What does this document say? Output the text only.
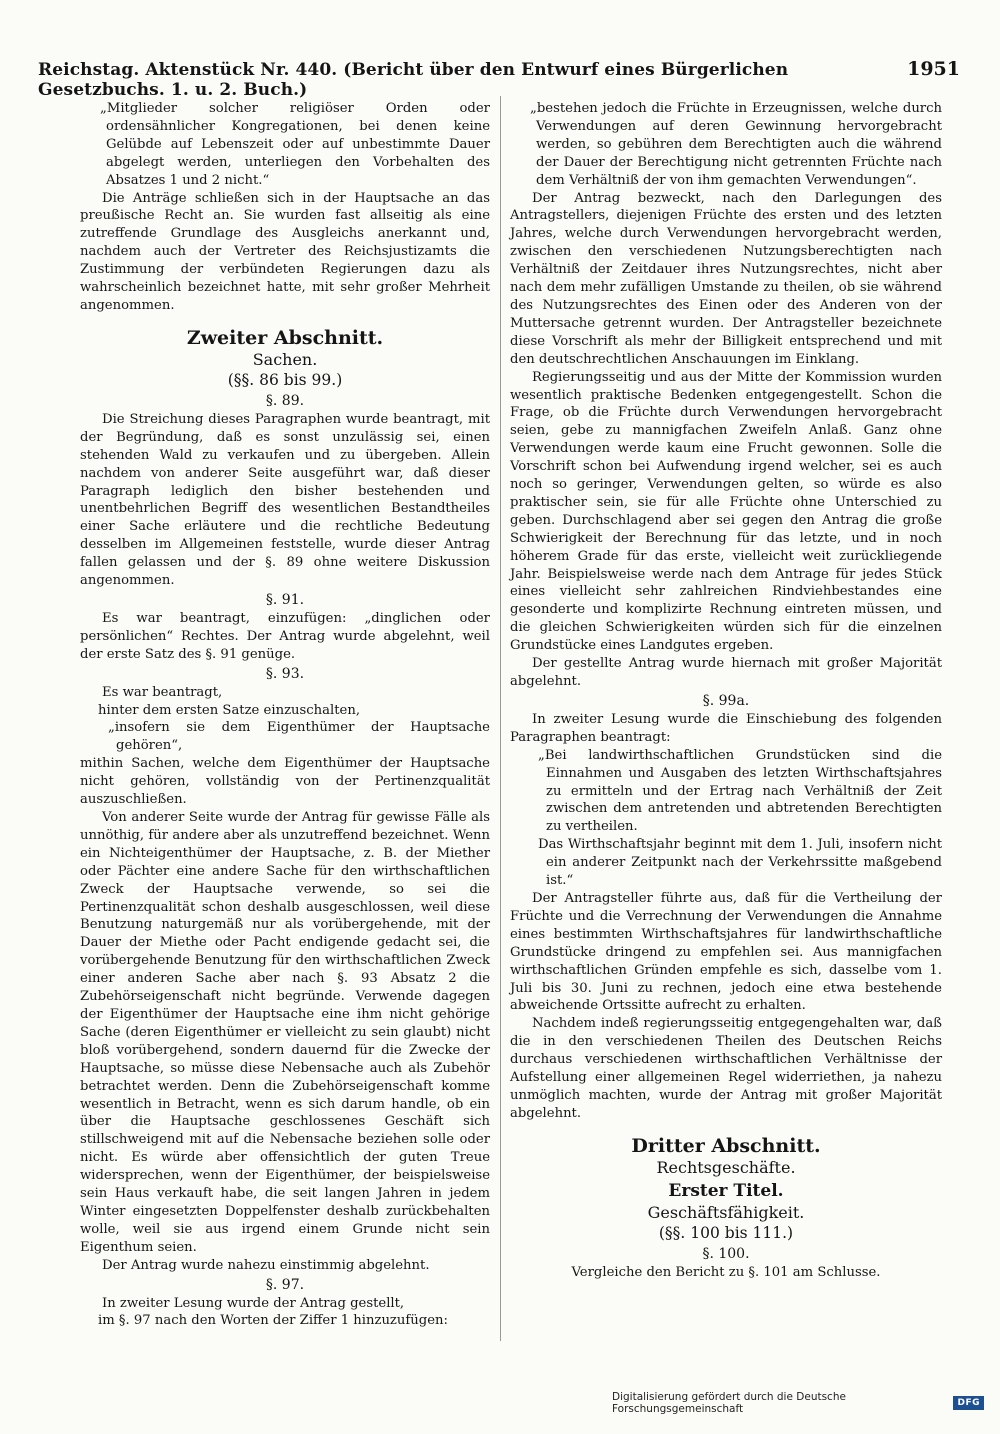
Reichstag. Aktenstück Nr. 440. (Bericht über den Entwurf eines Bürgerlichen Gesetzbuchs. 1. u. 2. Buch.)
1951

„Mitglieder solcher religiöser Orden oder ordensähnlicher Kongregationen, bei denen keine Gelübde auf Lebenszeit oder auf unbestimmte Dauer abgelegt werden, unterliegen den Vorbehalten des Absatzes 1 und 2 nicht.“

Die Anträge schließen sich in der Hauptsache an das preußische Recht an. Sie wurden fast allseitig als eine zutreffende Grundlage des Ausgleichs anerkannt und, nachdem auch der Vertreter des Reichsjustizamts die Zustimmung der verbündeten Regierungen dazu als wahrscheinlich bezeichnet hatte, mit sehr großer Mehrheit angenommen.

Zweiter Abschnitt.
Sachen.
(§§. 86 bis 99.)
§. 89.

Die Streichung dieses Paragraphen wurde beantragt, mit der Begründung, daß es sonst unzulässig sei, einen stehenden Wald zu verkaufen und zu übergeben. Allein nachdem von anderer Seite ausgeführt war, daß dieser Paragraph lediglich den bisher bestehenden und unentbehrlichen Begriff des wesentlichen Bestandtheiles einer Sache erläutere und die rechtliche Bedeutung desselben im Allgemeinen feststelle, wurde dieser Antrag fallen gelassen und der §. 89 ohne weitere Diskussion angenommen.

§. 91.

Es war beantragt, einzufügen: „dinglichen oder persönlichen“ Rechtes. Der Antrag wurde abgelehnt, weil der erste Satz des §. 91 genüge.

§. 93.

Es war beantragt,

hinter dem ersten Satze einzuschalten,

„insofern sie dem Eigenthümer der Hauptsache gehören“,

mithin Sachen, welche dem Eigenthümer der Hauptsache nicht gehören, vollständig von der Pertinenzqualität auszuschließen.

Von anderer Seite wurde der Antrag für gewisse Fälle als unnöthig, für andere aber als unzutreffend bezeichnet. Wenn ein Nichteigenthümer der Hauptsache, z. B. der Miether oder Pächter eine andere Sache für den wirthschaftlichen Zweck der Hauptsache verwende, so sei die Pertinenzqualität schon deshalb ausgeschlossen, weil diese Benutzung naturgemäß nur als vorübergehende, mit der Dauer der Miethe oder Pacht endigende gedacht sei, die vorübergehende Benutzung für den wirthschaftlichen Zweck einer anderen Sache aber nach §. 93 Absatz 2 die Zubehörseigenschaft nicht begründe. Verwende dagegen der Eigenthümer der Hauptsache eine ihm nicht gehörige Sache (deren Eigenthümer er vielleicht zu sein glaubt) nicht bloß vorübergehend, sondern dauernd für die Zwecke der Hauptsache, so müsse diese Nebensache auch als Zubehör betrachtet werden. Denn die Zubehörseigenschaft komme wesentlich in Betracht, wenn es sich darum handle, ob ein über die Hauptsache geschlossenes Geschäft sich stillschweigend mit auf die Nebensache beziehen solle oder nicht. Es würde aber offensichtlich der guten Treue widersprechen, wenn der Eigenthümer, der beispielsweise sein Haus verkauft habe, die seit langen Jahren in jedem Winter eingesetzten Doppelfenster deshalb zurückbehalten wolle, weil sie aus irgend einem Grunde nicht sein Eigenthum seien.

Der Antrag wurde nahezu einstimmig abgelehnt.

§. 97.

In zweiter Lesung wurde der Antrag gestellt,

im §. 97 nach den Worten der Ziffer 1 hinzuzufügen:

„bestehen jedoch die Früchte in Erzeugnissen, welche durch Verwendungen auf deren Gewinnung hervorgebracht werden, so gebühren dem Berechtigten auch die während der Dauer der Berechtigung nicht getrennten Früchte nach dem Verhältniß der von ihm gemachten Verwendungen“.

Der Antrag bezweckt, nach den Darlegungen des Antragstellers, diejenigen Früchte des ersten und des letzten Jahres, welche durch Verwendungen hervorgebracht werden, zwischen den verschiedenen Nutzungsberechtigten nach Verhältniß der Zeitdauer ihres Nutzungsrechtes, nicht aber nach dem mehr zufälligen Umstande zu theilen, ob sie während des Nutzungsrechtes des Einen oder des Anderen von der Muttersache getrennt wurden. Der Antragsteller bezeichnete diese Vorschrift als mehr der Billigkeit entsprechend und mit den deutschrechtlichen Anschauungen im Einklang.

Regierungsseitig und aus der Mitte der Kommission wurden wesentlich praktische Bedenken entgegengestellt. Schon die Frage, ob die Früchte durch Verwendungen hervorgebracht seien, gebe zu mannigfachen Zweifeln Anlaß. Ganz ohne Verwendungen werde kaum eine Frucht gewonnen. Solle die Vorschrift schon bei Aufwendung irgend welcher, sei es auch noch so geringer, Verwendungen gelten, so würde es also praktischer sein, sie für alle Früchte ohne Unterschied zu geben. Durchschlagend aber sei gegen den Antrag die große Schwierigkeit der Berechnung für das letzte, und in noch höherem Grade für das erste, vielleicht weit zurückliegende Jahr. Beispielsweise werde nach dem Antrage für jedes Stück eines vielleicht sehr zahlreichen Rindviehbestandes eine gesonderte und komplizirte Rechnung eintreten müssen, und die gleichen Schwierigkeiten würden sich für die einzelnen Grundstücke eines Landgutes ergeben.

Der gestellte Antrag wurde hiernach mit großer Majorität abgelehnt.

§. 99a.

In zweiter Lesung wurde die Einschiebung des folgenden Paragraphen beantragt:

„Bei landwirthschaftlichen Grundstücken sind die Einnahmen und Ausgaben des letzten Wirthschaftsjahres zu ermitteln und der Ertrag nach Verhältniß der Zeit zwischen dem antretenden und abtretenden Berechtigten zu vertheilen.

Das Wirthschaftsjahr beginnt mit dem 1. Juli, insofern nicht ein anderer Zeitpunkt nach der Verkehrssitte maßgebend ist.“

Der Antragsteller führte aus, daß für die Vertheilung der Früchte und die Verrechnung der Verwendungen die Annahme eines bestimmten Wirthschaftsjahres für landwirthschaftliche Grundstücke dringend zu empfehlen sei. Aus mannigfachen wirthschaftlichen Gründen empfehle es sich, dasselbe vom 1. Juli bis 30. Juni zu rechnen, jedoch eine etwa bestehende abweichende Ortssitte aufrecht zu erhalten.

Nachdem indeß regierungsseitig entgegengehalten war, daß die in den verschiedenen Theilen des Deutschen Reichs durchaus verschiedenen wirthschaftlichen Verhältnisse der Aufstellung einer allgemeinen Regel widerriethen, ja nahezu unmöglich machten, wurde der Antrag mit großer Majorität abgelehnt.

Dritter Abschnitt.
Rechtsgeschäfte.
Erster Titel.
Geschäftsfähigkeit.
(§§. 100 bis 111.)
§. 100.

Vergleiche den Bericht zu §. 101 am Schlusse.

Digitalisierung gefördert durch die Deutsche Forschungsgemeinschaft	DFG
